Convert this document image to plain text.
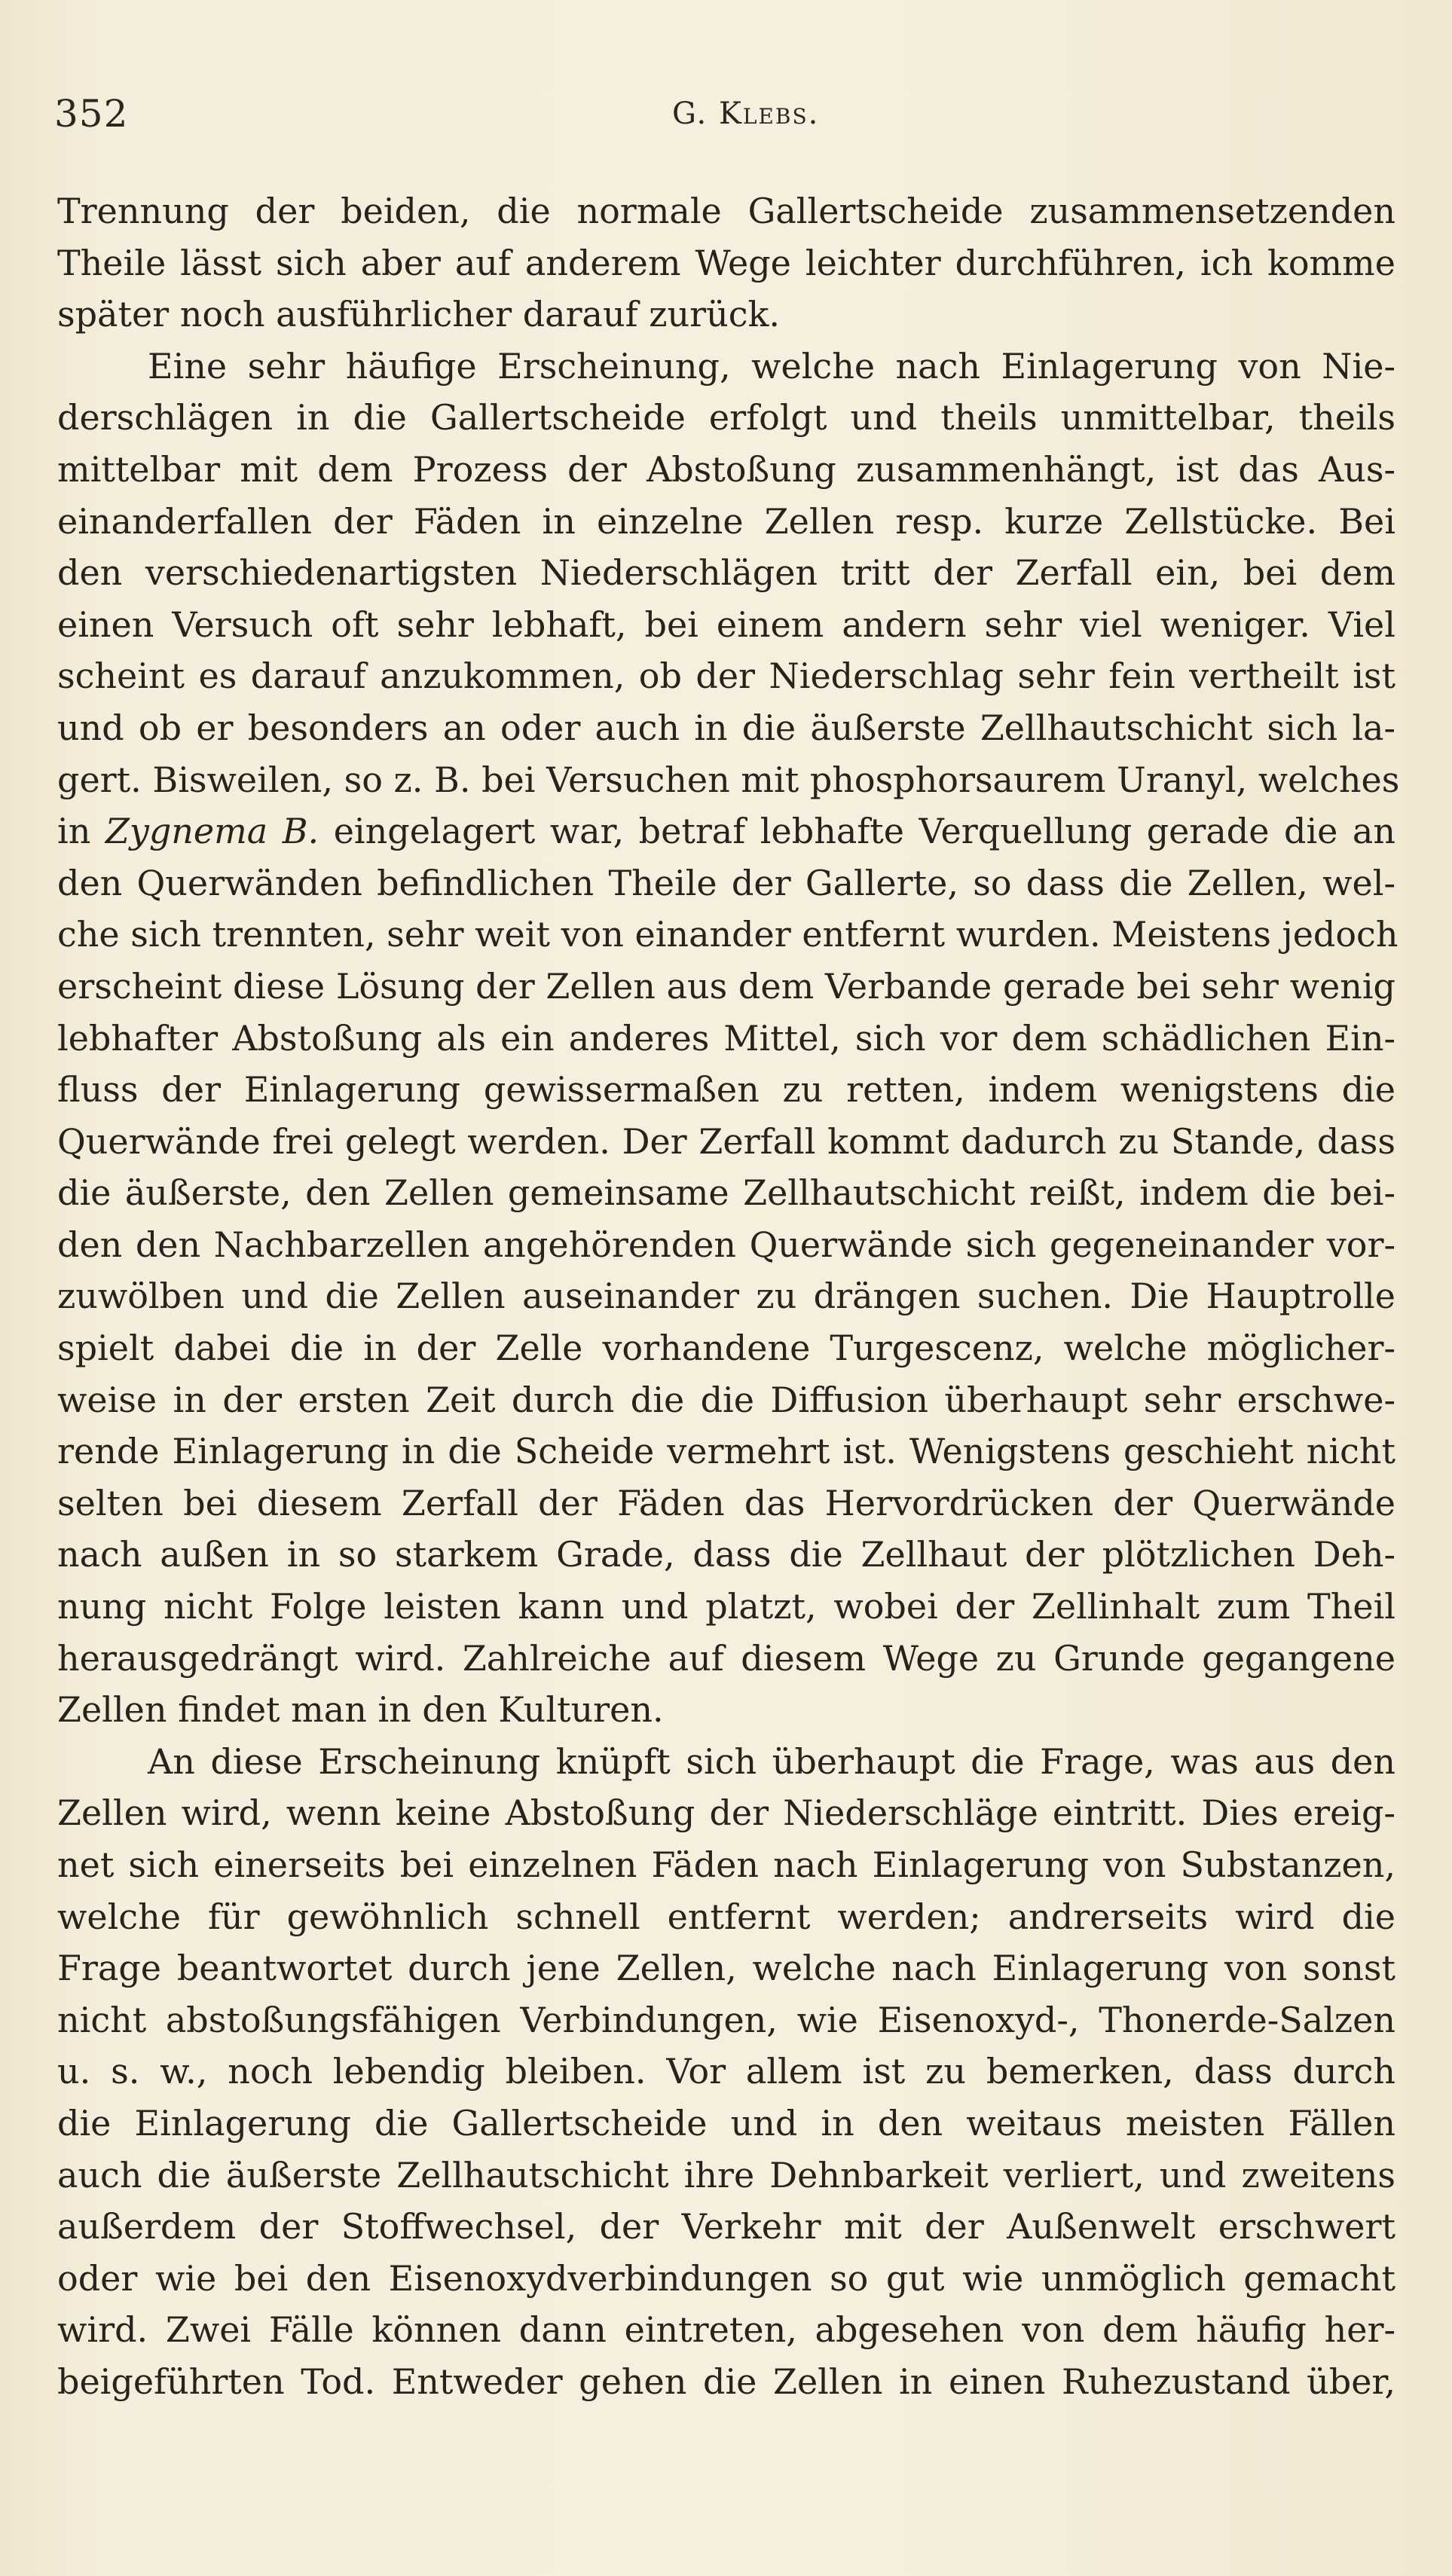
352	G. Klebs.
Trennung der beiden, die normale Gallertscheide zusammensetzenden
Theile lässt sich aber auf anderem Wege leichter durchführen, ich komme
später noch ausführlicher darauf zurück.
Eine sehr häufige Erscheinung, welche nach Einlagerung von Nie-
derschlägen in die Gallertscheide erfolgt und theils unmittelbar, theils
mittelbar mit dem Prozess der Abstoßung zusammenhängt, ist das Aus-
einanderfallen der Fäden in einzelne Zellen resp. kurze Zellstücke. Bei
den verschiedenartigsten Niederschlägen tritt der Zerfall ein, bei dem
einen Versuch oft sehr lebhaft, bei einem andern sehr viel weniger. Viel
scheint es darauf anzukommen, ob der Niederschlag sehr fein vertheilt ist
und ob er besonders an oder auch in die äußerste Zellhautschicht sich la-
gert. Bisweilen, so z. B. bei Versuchen mit phosphorsaurem Uranyl, welches
in Zygnema B. eingelagert war, betraf lebhafte Verquellung gerade die an
den Querwänden befindlichen Theile der Gallerte, so dass die Zellen, wel-
che sich trennten, sehr weit von einander entfernt wurden. Meistens jedoch
erscheint diese Lösung der Zellen aus dem Verbande gerade bei sehr wenig
lebhafter Abstoßung als ein anderes Mittel, sich vor dem schädlichen Ein-
fluss der Einlagerung gewissermaßen zu retten, indem wenigstens die
Querwände frei gelegt werden. Der Zerfall kommt dadurch zu Stande, dass
die äußerste, den Zellen gemeinsame Zellhautschicht reißt, indem die bei-
den den Nachbarzellen angehörenden Querwände sich gegeneinander vor-
zuwölben und die Zellen auseinander zu drängen suchen. Die Hauptrolle
spielt dabei die in der Zelle vorhandene Turgescenz, welche möglicher-
weise in der ersten Zeit durch die die Diffusion überhaupt sehr erschwe-
rende Einlagerung in die Scheide vermehrt ist. Wenigstens geschieht nicht
selten bei diesem Zerfall der Fäden das Hervordrücken der Querwände
nach außen in so starkem Grade, dass die Zellhaut der plötzlichen Deh-
nung nicht Folge leisten kann und platzt, wobei der Zellinhalt zum Theil
herausgedrängt wird. Zahlreiche auf diesem Wege zu Grunde gegangene
Zellen findet man in den Kulturen.
An diese Erscheinung knüpft sich überhaupt die Frage, was aus den
Zellen wird, wenn keine Abstoßung der Niederschläge eintritt. Dies ereig-
net sich einerseits bei einzelnen Fäden nach Einlagerung von Substanzen,
welche für gewöhnlich schnell entfernt werden; andrerseits wird die
Frage beantwortet durch jene Zellen, welche nach Einlagerung von sonst
nicht abstoßungsfähigen Verbindungen, wie Eisenoxyd-, Thonerde-Salzen
u. s. w., noch lebendig bleiben. Vor allem ist zu bemerken, dass durch
die Einlagerung die Gallertscheide und in den weitaus meisten Fällen
auch die äußerste Zellhautschicht ihre Dehnbarkeit verliert, und zweitens
außerdem der Stoffwechsel, der Verkehr mit der Außenwelt erschwert
oder wie bei den Eisenoxydverbindungen so gut wie unmöglich gemacht
wird. Zwei Fälle können dann eintreten, abgesehen von dem häufig her-
beigeführten Tod. Entweder gehen die Zellen in einen Ruhezustand über,
